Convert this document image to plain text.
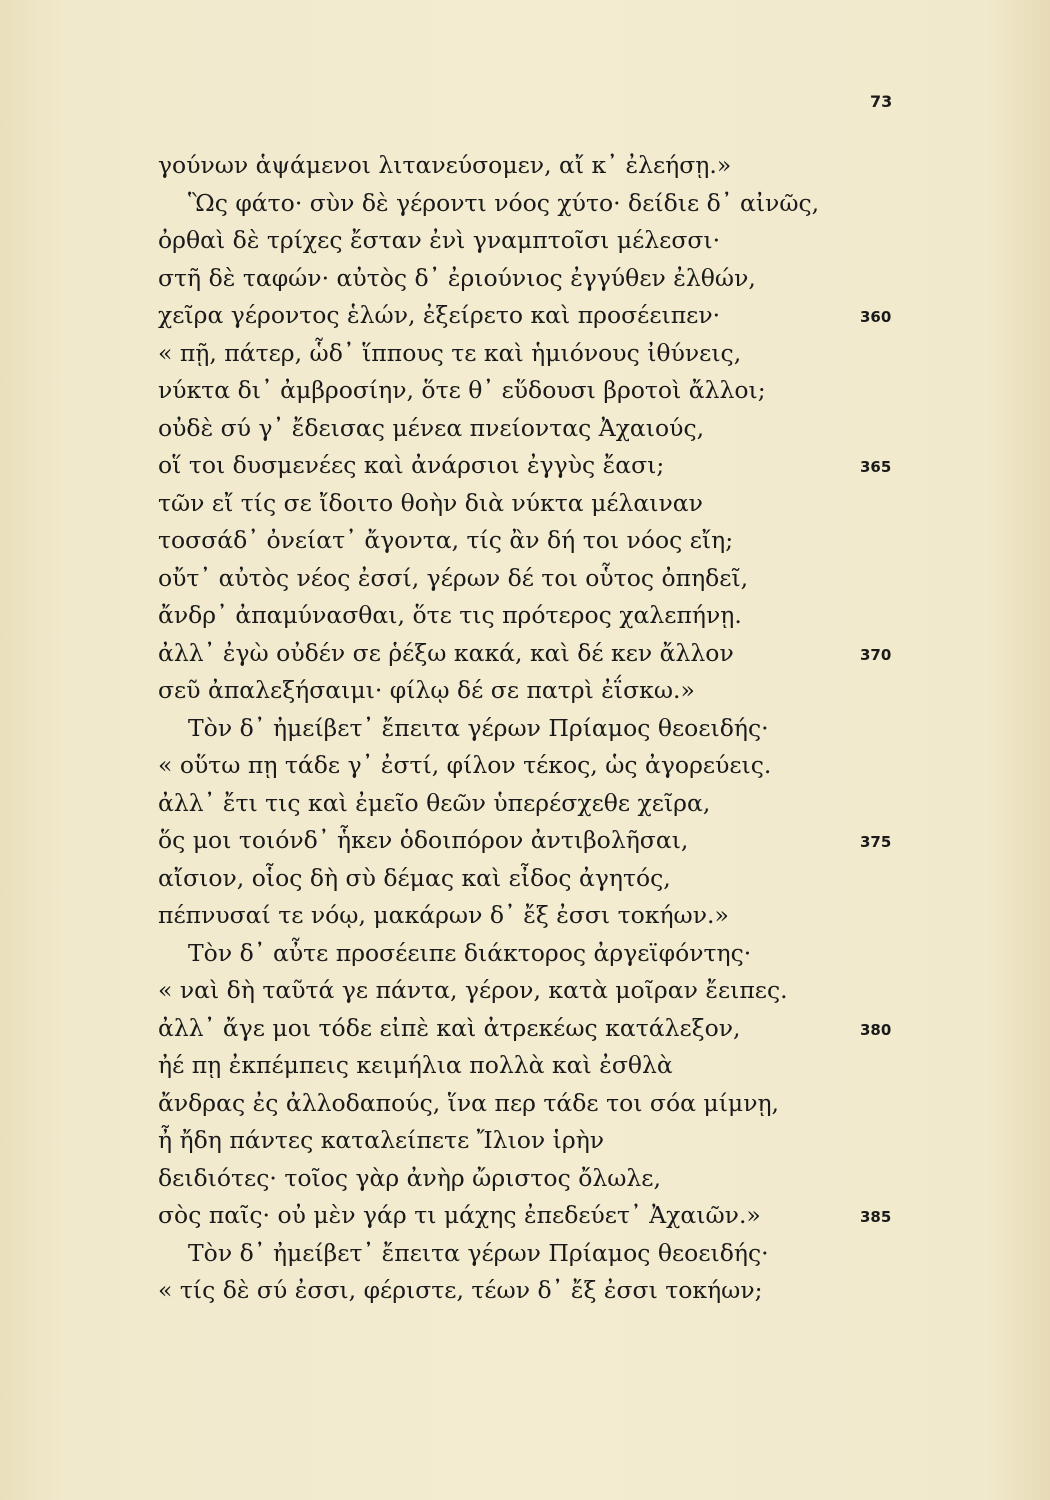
73
γούνων ἁψάμενοι λιτανεύσομεν, αἴ κ᾽ ἐλεήσῃ.»
Ὣς φάτο· σὺν δὲ γέροντι νόος χύτο· δείδιε δ᾽ αἰνῶς,
ὀρθαὶ δὲ τρίχες ἔσταν ἐνὶ γναμπτοῖσι μέλεσσι·
στῆ δὲ ταφών· αὐτὸς δ᾽ ἐριούνιος ἐγγύθεν ἐλθών,
χεῖρα γέροντος ἑλών, ἐξείρετο καὶ προσέειπεν·	360
« πῇ, πάτερ, ὧδ᾽ ἵππους τε καὶ ἡμιόνους ἰθύνεις,
νύκτα δι᾽ ἀμβροσίην, ὅτε θ᾽ εὕδουσι βροτοὶ ἄλλοι;
οὐδὲ σύ γ᾽ ἔδεισας μένεα πνείοντας Ἀχαιούς,
οἵ τοι δυσμενέες καὶ ἀνάρσιοι ἐγγὺς ἔασι;	365
τῶν εἴ τίς σε ἴδοιτο θοὴν διὰ νύκτα μέλαιναν
τοσσάδ᾽ ὀνείατ᾽ ἄγοντα, τίς ἂν δή τοι νόος εἴη;
οὔτ᾽ αὐτὸς νέος ἐσσί, γέρων δέ τοι οὗτος ὀπηδεῖ,
ἄνδρ᾽ ἀπαμύνασθαι, ὅτε τις πρότερος χαλεπήνῃ.
ἀλλ᾽ ἐγὼ οὐδέν σε ῥέξω κακά, καὶ δέ κεν ἄλλον	370
σεῦ ἀπαλεξήσαιμι· φίλῳ δέ σε πατρὶ ἐΐσκω.»
Τὸν δ᾽ ἠμείβετ᾽ ἔπειτα γέρων Πρίαμος θεοειδής·
« οὕτω πῃ τάδε γ᾽ ἐστί, φίλον τέκος, ὡς ἀγορεύεις.
ἀλλ᾽ ἔτι τις καὶ ἐμεῖο θεῶν ὑπερέσχεθε χεῖρα,
ὅς μοι τοιόνδ᾽ ἧκεν ὁδοιπόρον ἀντιβολῆσαι,	375
αἴσιον, οἷος δὴ σὺ δέμας καὶ εἶδος ἀγητός,
πέπνυσαί τε νόῳ, μακάρων δ᾽ ἔξ ἐσσι τοκήων.»
Τὸν δ᾽ αὖτε προσέειπε διάκτορος ἀργεϊφόντης·
« ναὶ δὴ ταῦτά γε πάντα, γέρον, κατὰ μοῖραν ἔειπες.
ἀλλ᾽ ἄγε μοι τόδε εἰπὲ καὶ ἀτρεκέως κατάλεξον,	380
ἠέ πῃ ἐκπέμπεις κειμήλια πολλὰ καὶ ἐσθλὰ
ἄνδρας ἐς ἀλλοδαπούς, ἵνα περ τάδε τοι σόα μίμνῃ,
ἦ ἤδη πάντες καταλείπετε Ἴλιον ἱρὴν
δειδιότες· τοῖος γὰρ ἀνὴρ ὤριστος ὄλωλε,
σὸς παῖς· οὐ μὲν γάρ τι μάχης ἐπεδεύετ᾽ Ἀχαιῶν.»	385
Τὸν δ᾽ ἠμείβετ᾽ ἔπειτα γέρων Πρίαμος θεοειδής·
« τίς δὲ σύ ἐσσι, φέριστε, τέων δ᾽ ἔξ ἐσσι τοκήων;
